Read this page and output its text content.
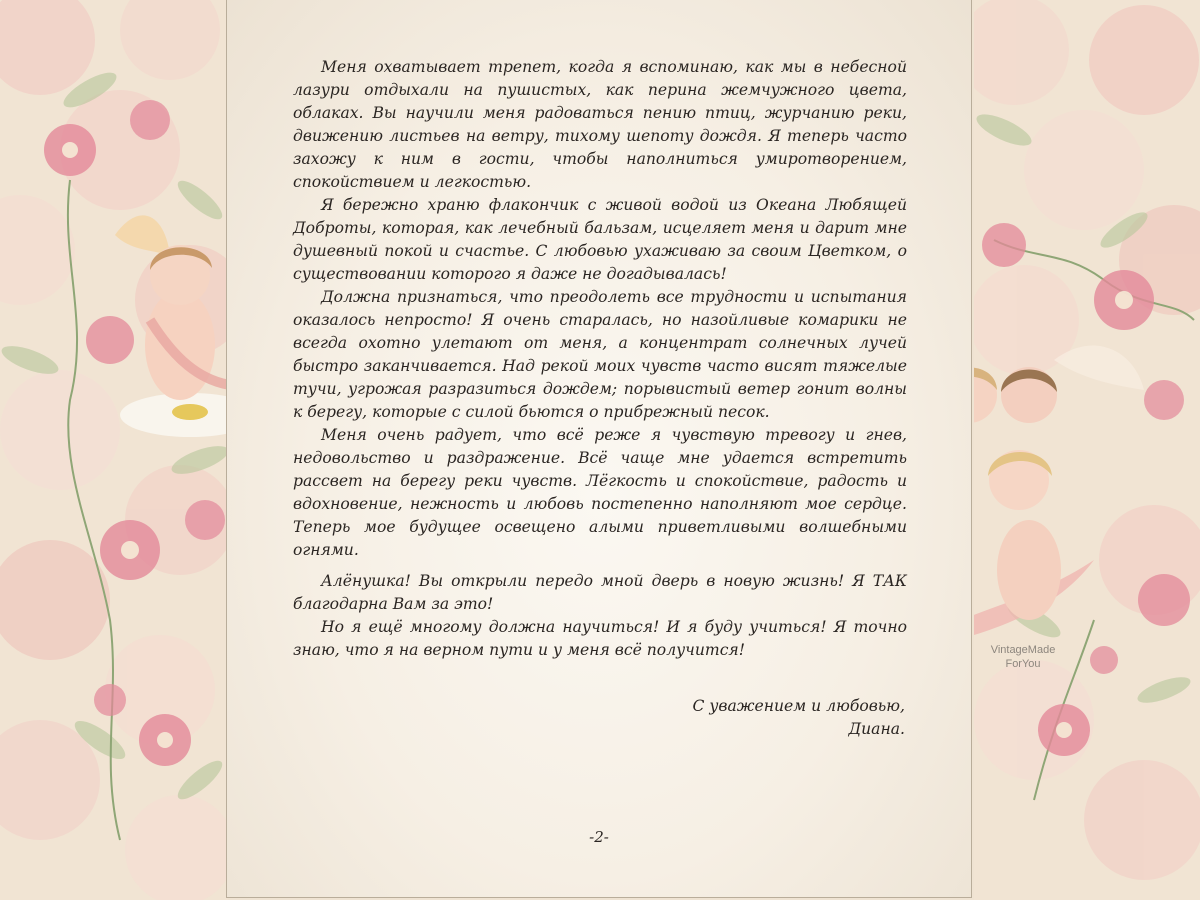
Меня охватывает трепет, когда я вспоминаю, как мы в небесной лазури отдыхали на пушистых, как перина жемчужного цвета, облаках. Вы научили меня радоваться пению птиц, журчанию реки, движению листьев на ветру, тихому шепоту дождя. Я теперь часто захожу к ним в гости, чтобы наполниться умиротворением, спокойствием и легкостью.

Я бережно храню флакончик с живой водой из Океана Любящей Доброты, которая, как лечебный бальзам, исцеляет меня и дарит мне душевный покой и счастье. С любовью ухаживаю за своим Цветком, о существовании которого я даже не догадывалась!

Должна признаться, что преодолеть все трудности и испытания оказалось непросто! Я очень старалась, но назойливые комарики не всегда охотно улетают от меня, а концентрат солнечных лучей быстро заканчивается. Над рекой моих чувств часто висят тяжелые тучи, угрожая разразиться дождем; порывистый ветер гонит волны к берегу, которые с силой бьются о прибрежный песок.

Меня очень радует, что всё реже я чувствую тревогу и гнев, недовольство и раздражение. Всё чаще мне удается встретить рассвет на берегу реки чувств. Лёгкость и спокойствие, радость и вдохновение, нежность и любовь постепенно наполняют мое сердце. Теперь мое будущее освещено алыми приветливыми волшебными огнями.

Алёнушка! Вы открыли передо мной дверь в новую жизнь! Я ТАК благодарна Вам за это!

Но я ещё многому должна научиться! И я буду учиться! Я точно знаю, что я на верном пути и у меня всё получится!

С уважением и любовью,
Диана.
-2-
VintageMade
ForYou
